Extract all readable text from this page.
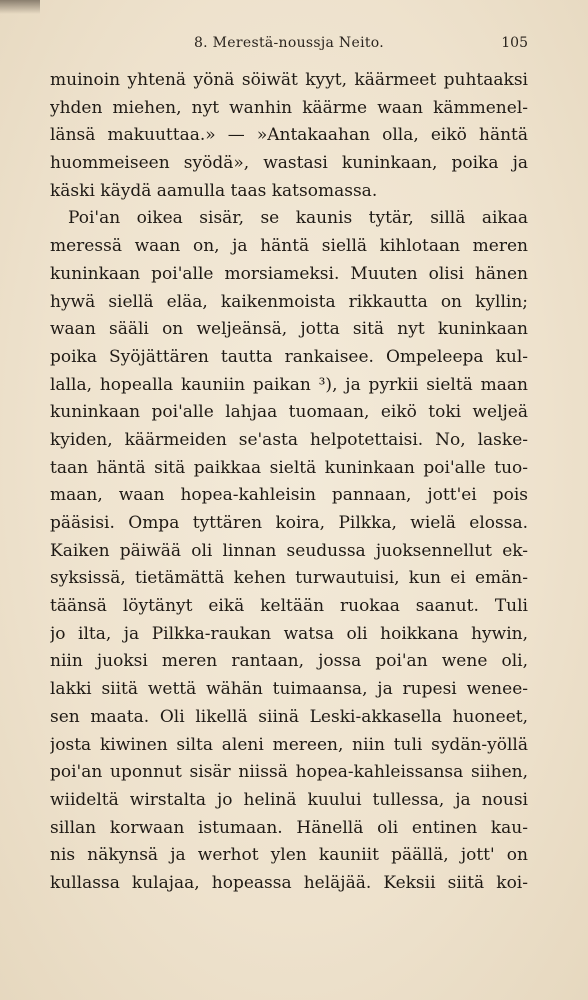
8. Merestä-noussja Neito.	105
muinoin yhtenä yönä söiwät kyyt, käärmeet puhtaaksi
yhden miehen, nyt wanhin käärme waan kämmenel-
länsä makuuttaa.» — »Antakaahan olla, eikö häntä
huommeiseen syödä», wastasi kuninkaan, poika ja
käski käydä aamulla taas katsomassa.
Poi'an oikea sisär, se kaunis tytär, sillä aikaa
meressä waan on, ja häntä siellä kihlotaan meren
kuninkaan poi'alle morsiameksi. Muuten olisi hänen
hywä siellä eläa, kaikenmoista rikkautta on kyllin;
waan sääli on weljeänsä, jotta sitä nyt kuninkaan
poika Syöjättären tautta rankaisee. Ompeleepa kul-
lalla, hopealla kauniin paikan ³), ja pyrkii sieltä maan
kuninkaan poi'alle lahjaa tuomaan, eikö toki weljeä
kyiden, käärmeiden se'asta helpotettaisi. No, laske-
taan häntä sitä paikkaa sieltä kuninkaan poi'alle tuo-
maan, waan hopea-kahleisin pannaan, jott'ei pois
pääsisi. Ompa tyttären koira, Pilkka, wielä elossa.
Kaiken päiwää oli linnan seudussa juoksennellut ek-
syksissä, tietämättä kehen turwautuisi, kun ei emän-
täänsä löytänyt eikä keltään ruokaa saanut. Tuli
jo ilta, ja Pilkka-raukan watsa oli hoikkana hywin,
niin juoksi meren rantaan, jossa poi'an wene oli,
lakki siitä wettä wähän tuimaansa, ja rupesi wenee-
sen maata. Oli likellä siinä Leski-akkasella huoneet,
josta kiwinen silta aleni mereen, niin tuli sydän-yöllä
poi'an uponnut sisär niissä hopea-kahleissansa siihen,
wiideltä wirstalta jo helinä kuului tullessa, ja nousi
sillan korwaan istumaan. Hänellä oli entinen kau-
nis näkynsä ja werhot ylen kauniit päällä, jott' on
kullassa kulajaa, hopeassa heläjää. Keksii siitä koi-
